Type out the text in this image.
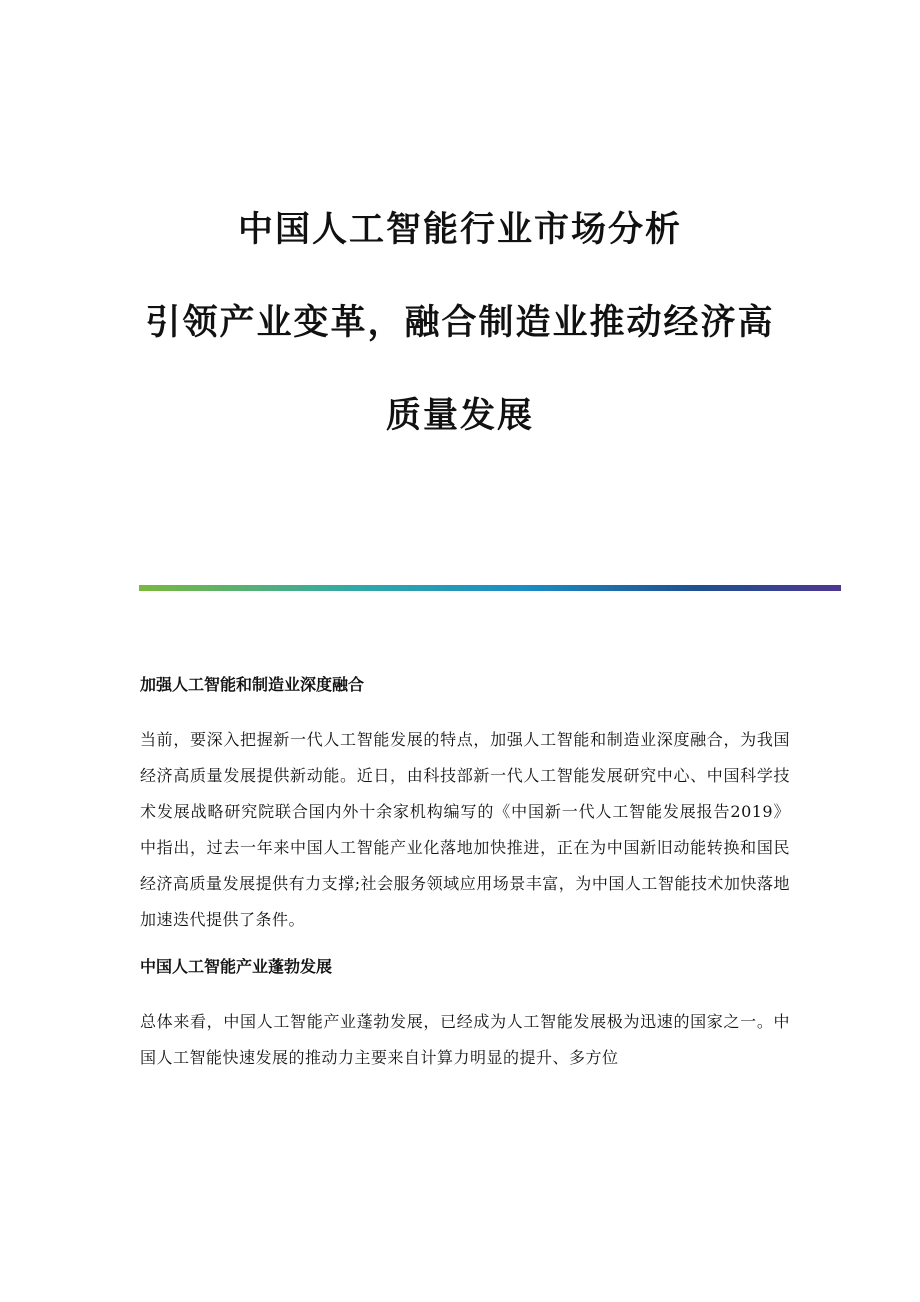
中国人工智能行业市场分析
引领产业变革，融合制造业推动经济高
质量发展
加强人工智能和制造业深度融合

当前，要深入把握新一代人工智能发展的特点，加强人工智能和制造业深度融合，为我国经济高质量发展提供新动能。近日，由科技部新一代人工智能发展研究中心、中国科学技术发展战略研究院联合国内外十余家机构编写的《中国新一代人工智能发展报告2019》中指出，过去一年来中国人工智能产业化落地加快推进，正在为中国新旧动能转换和国民经济高质量发展提供有力支撑;社会服务领域应用场景丰富，为中国人工智能技术加快落地加速迭代提供了条件。

中国人工智能产业蓬勃发展

总体来看，中国人工智能产业蓬勃发展，已经成为人工智能发展极为迅速的国家之一。中国人工智能快速发展的推动力主要来自计算力明显的提升、多方位
